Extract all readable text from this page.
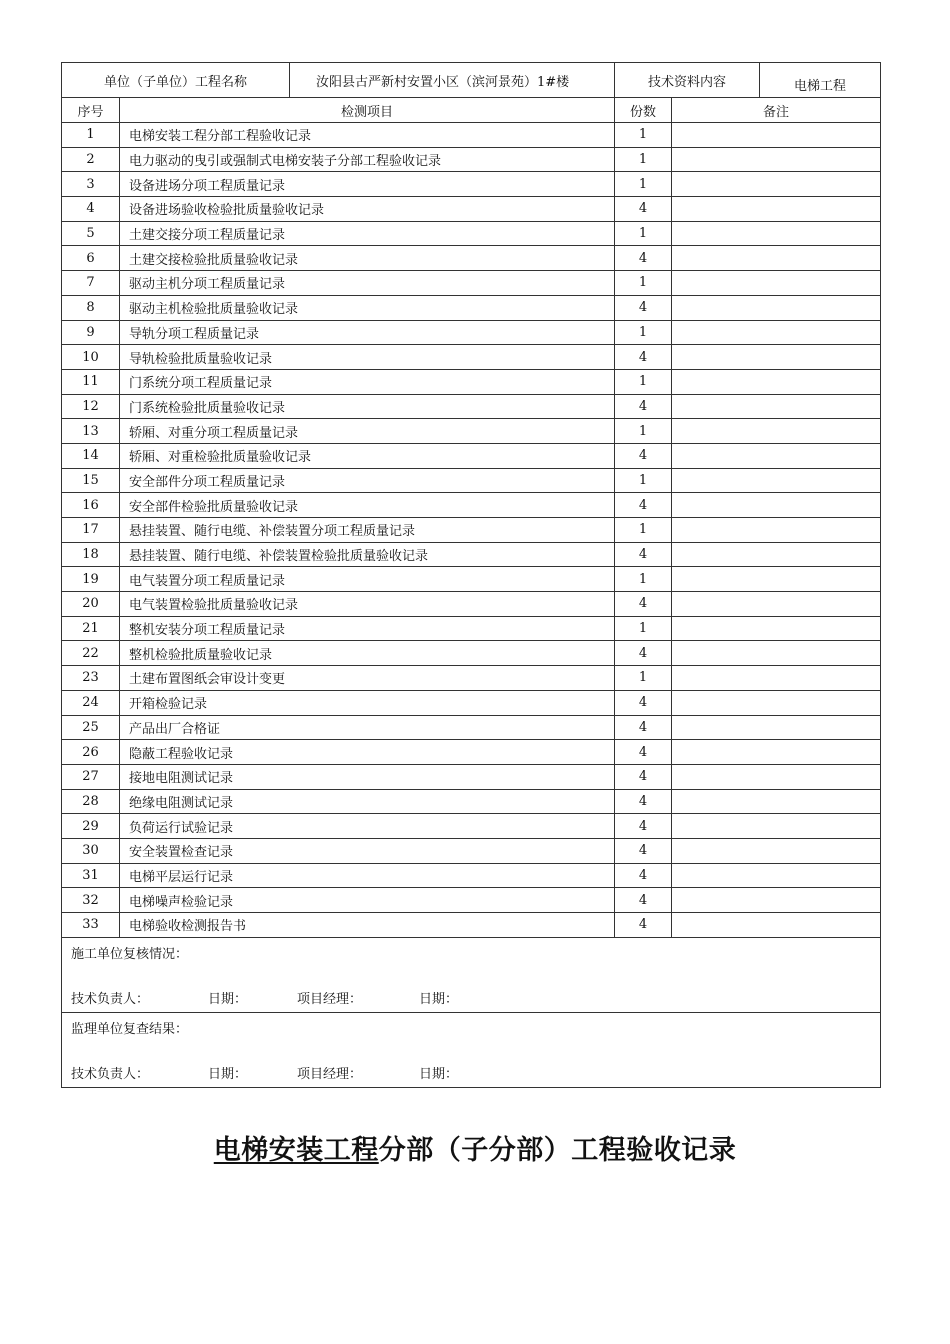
单位（子单位）工程名称		汝阳县古严新村安置小区（滨河景苑）1#楼	技术资料内容		电梯工程
序号	检测项目		份数	备注	
1	电梯安装工程分部工程验收记录		1		
2	电力驱动的曳引或强制式电梯安装子分部工程验收记录		1		
3	设备进场分项工程质量记录		1		
4	设备进场验收检验批质量验收记录		4		
5	土建交接分项工程质量记录		1		
6	土建交接检验批质量验收记录		4		
7	驱动主机分项工程质量记录		1		
8	驱动主机检验批质量验收记录		4		
9	导轨分项工程质量记录		1		
10	导轨检验批质量验收记录		4		
11	门系统分项工程质量记录		1		
12	门系统检验批质量验收记录		4		
13	轿厢、对重分项工程质量记录		1		
14	轿厢、对重检验批质量验收记录		4		
15	安全部件分项工程质量记录		1		
16	安全部件检验批质量验收记录		4		
17	悬挂装置、随行电缆、补偿装置分项工程质量记录		1		
18	悬挂装置、随行电缆、补偿装置检验批质量验收记录		4		
19	电气装置分项工程质量记录		1		
20	电气装置检验批质量验收记录		4		
21	整机安装分项工程质量记录		1		
22	整机检验批质量验收记录		4		
23	土建布置图纸会审设计变更		1		
24	开箱检验记录		4		
25	产品出厂合格证		4		
26	隐蔽工程验收记录		4		
27	接地电阻测试记录		4		
28	绝缘电阻测试记录		4		
29	负荷运行试验记录		4		
30	安全装置检查记录		4		
31	电梯平层运行记录		4		
32	电梯噪声检验记录		4		
33	电梯验收检测报告书		4		

施工单位复核情况：
技术负责人： 日期： 项目经理： 日期：					

监理单位复查结果：
技术负责人： 日期： 项目经理： 日期：					
电梯安装工程分部（子分部）工程验收记录
